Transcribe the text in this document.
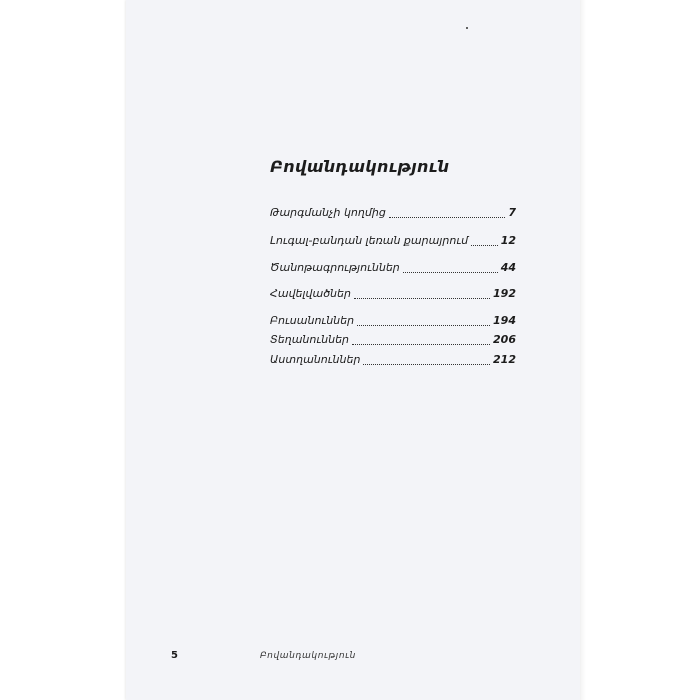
Բովանդակություն
Թարգմանչի կողմից	7
Լուգալ-բանդան լեռան քարայրում	12
Ծանոթագրություններ	44
Հավելվածներ	192
Բուսանուններ	194
Տեղանուններ	206
Աստղանուններ	212
5	Բովանդակություն
